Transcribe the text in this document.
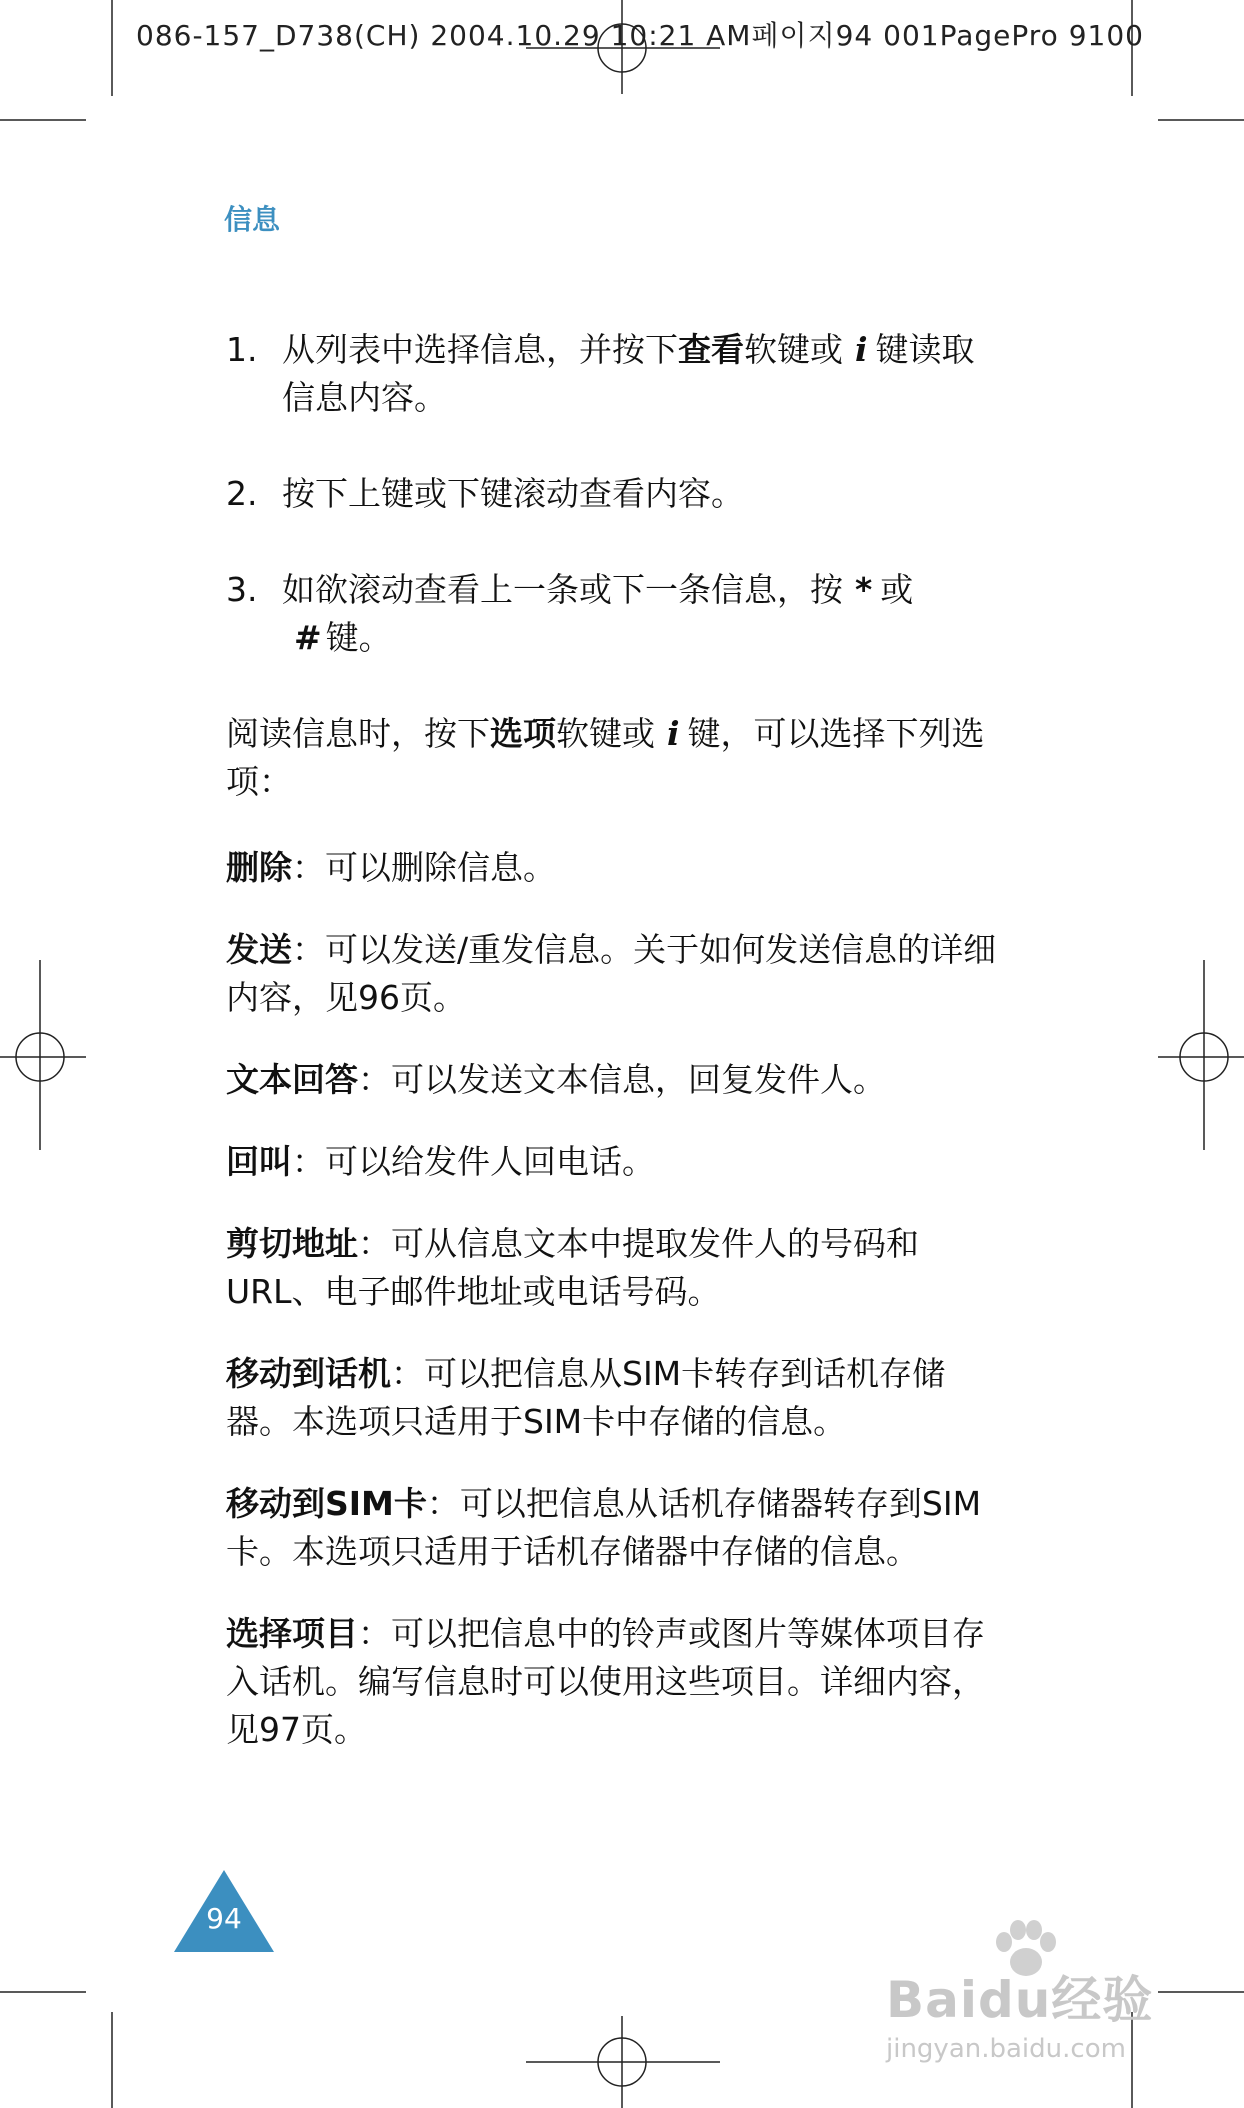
086-157_D738(CH) 2004.10.29 10:21 AM페이지94 001PagePro 9100
信息
1. 从列表中选择信息，并按下查看软键或 i 键读取信息内容。
2. 按下上键或下键滚动查看内容。
3. 如欲滚动查看上一条或下一条信息，按 * 或
# 键。

阅读信息时，按下选项软键或 i 键，可以选择下列选项：

删除：可以删除信息。

发送：可以发送/重发信息。关于如何发送信息的详细内容，见96页。

文本回答：可以发送文本信息，回复发件人。

回叫：可以给发件人回电话。

剪切地址：可从信息文本中提取发件人的号码和URL、电子邮件地址或电话号码。

移动到话机：可以把信息从SIM卡转存到话机存储器。本选项只适用于SIM卡中存储的信息。

移动到SIM卡：可以把信息从话机存储器转存到SIM卡。本选项只适用于话机存储器中存储的信息。

选择项目：可以把信息中的铃声或图片等媒体项目存入话机。编写信息时可以使用这些项目。详细内容，见97页。

94
Baidu经验
jingyan.baidu.com
